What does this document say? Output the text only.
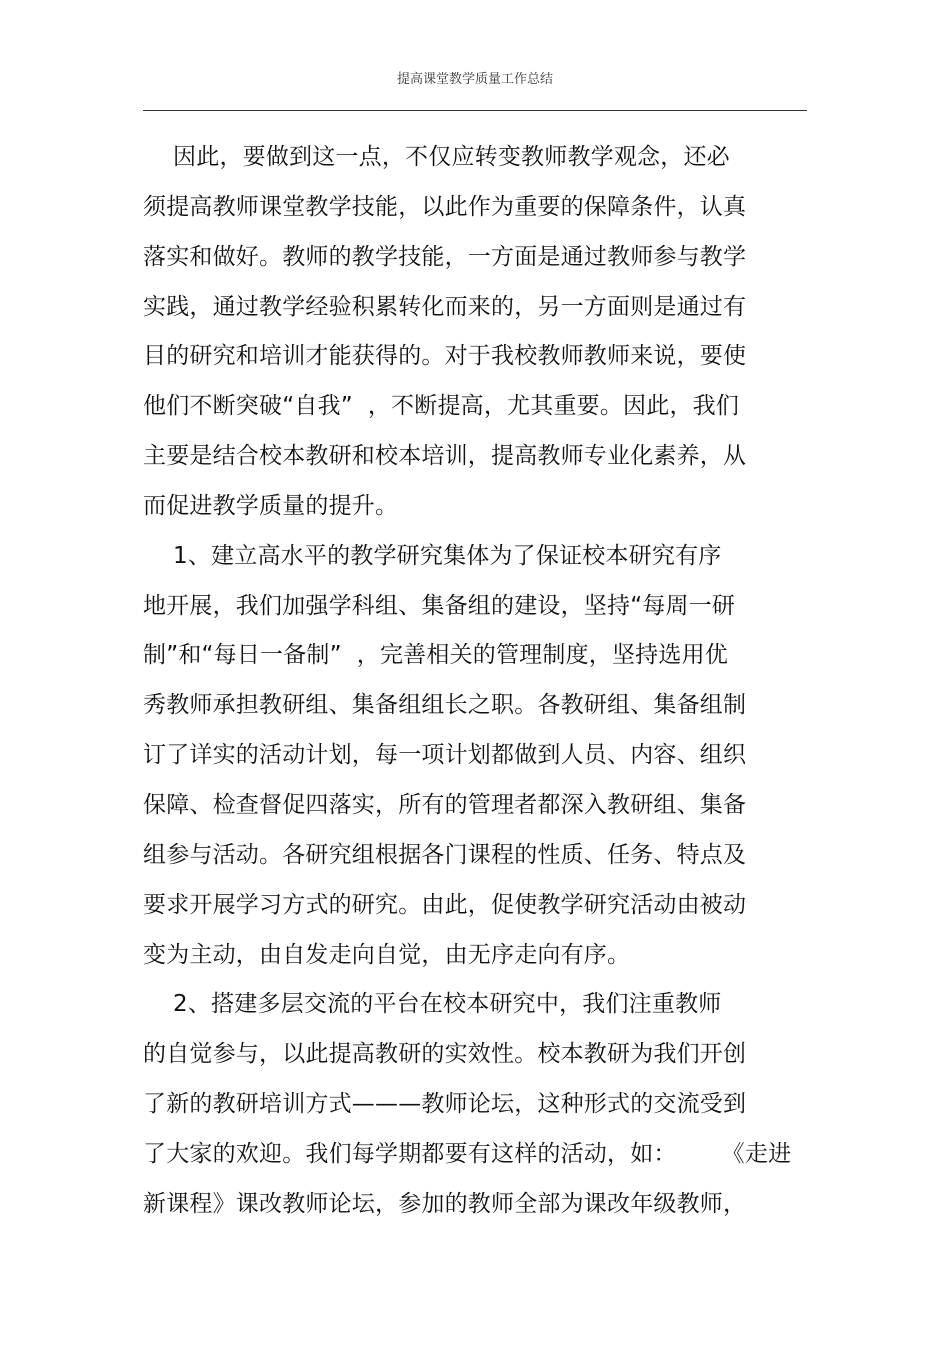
提高课堂教学质量工作总结
因此，要做到这一点，不仅应转变教师教学观念，还必
须提高教师课堂教学技能，以此作为重要的保障条件，认真
落实和做好。教师的教学技能，一方面是通过教师参与教学
实践，通过教学经验积累转化而来的，另一方面则是通过有
目的研究和培训才能获得的。对于我校教师教师来说，要使
他们不断突破“自我”  ，不断提高，尤其重要。因此，我们
主要是结合校本教研和校本培训，提高教师专业化素养，从
而促进教学质量的提升。
1、建立高水平的教学研究集体为了保证校本研究有序
地开展，我们加强学科组、集备组的建设，坚持“每周一研
制”和“每日一备制”  ，完善相关的管理制度，坚持选用优
秀教师承担教研组、集备组组长之职。各教研组、集备组制
订了详实的活动计划，每一项计划都做到人员、内容、组织
保障、检查督促四落实，所有的管理者都深入教研组、集备
组参与活动。各研究组根据各门课程的性质、任务、特点及
要求开展学习方式的研究。由此，促使教学研究活动由被动
变为主动，由自发走向自觉，由无序走向有序。
2、搭建多层交流的平台在校本研究中，我们注重教师
的自觉参与，以此提高教研的实效性。校本教研为我们开创
了新的教研培训方式———教师论坛，这种形式的交流受到
了大家的欢迎。我们每学期都要有这样的活动，如：      《走进
新课程》课改教师论坛，参加的教师全部为课改年级教师，
